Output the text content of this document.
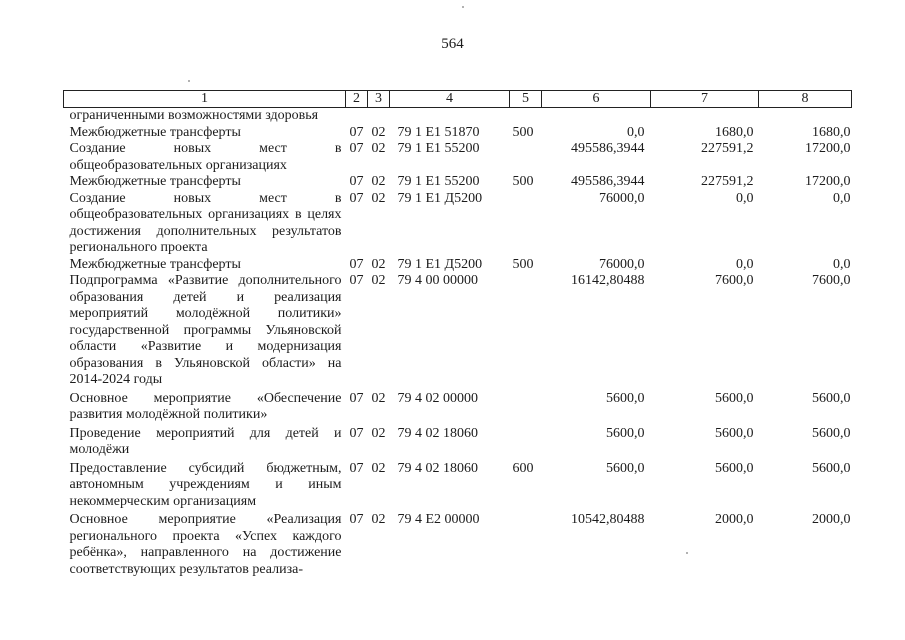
564
1	2	3	4	5	6	7	8
ограниченными возможностями здоровья							
Межбюджетные трансферты	07	02	79 1 Е1 51870	500	0,0	1680,0	1680,0
Создание новых мест в общеобразовательных организациях	07	02	79 1 Е1 55200		495586,3944	227591,2	17200,0
Межбюджетные трансферты	07	02	79 1 Е1 55200	500	495586,3944	227591,2	17200,0
Создание новых мест в общеобразовательных организациях в целях достижения дополнительных результатов регионального проекта	07	02	79 1 Е1 Д5200		76000,0	0,0	0,0
Межбюджетные трансферты	07	02	79 1 Е1 Д5200	500	76000,0	0,0	0,0
Подпрограмма «Развитие дополнительного образования детей и реализация мероприятий молодёжной политики» государственной программы Ульяновской области «Развитие и модернизация образования в Ульяновской области» на 2014-2024 годы	07	02	79 4 00 00000		16142,80488	7600,0	7600,0
Основное мероприятие «Обеспечение развития молодёжной политики»	07	02	79 4 02 00000		5600,0	5600,0	5600,0
Проведение мероприятий для детей и молодёжи	07	02	79 4 02 18060		5600,0	5600,0	5600,0
Предоставление субсидий бюджетным, автономным учреждениям и иным некоммерческим организациям	07	02	79 4 02 18060	600	5600,0	5600,0	5600,0
Основное мероприятие «Реализация регионального проекта «Успех каждого ребёнка», направленного на достижение соответствующих результатов реализа-	07	02	79 4 Е2 00000		10542,80488	2000,0	2000,0
